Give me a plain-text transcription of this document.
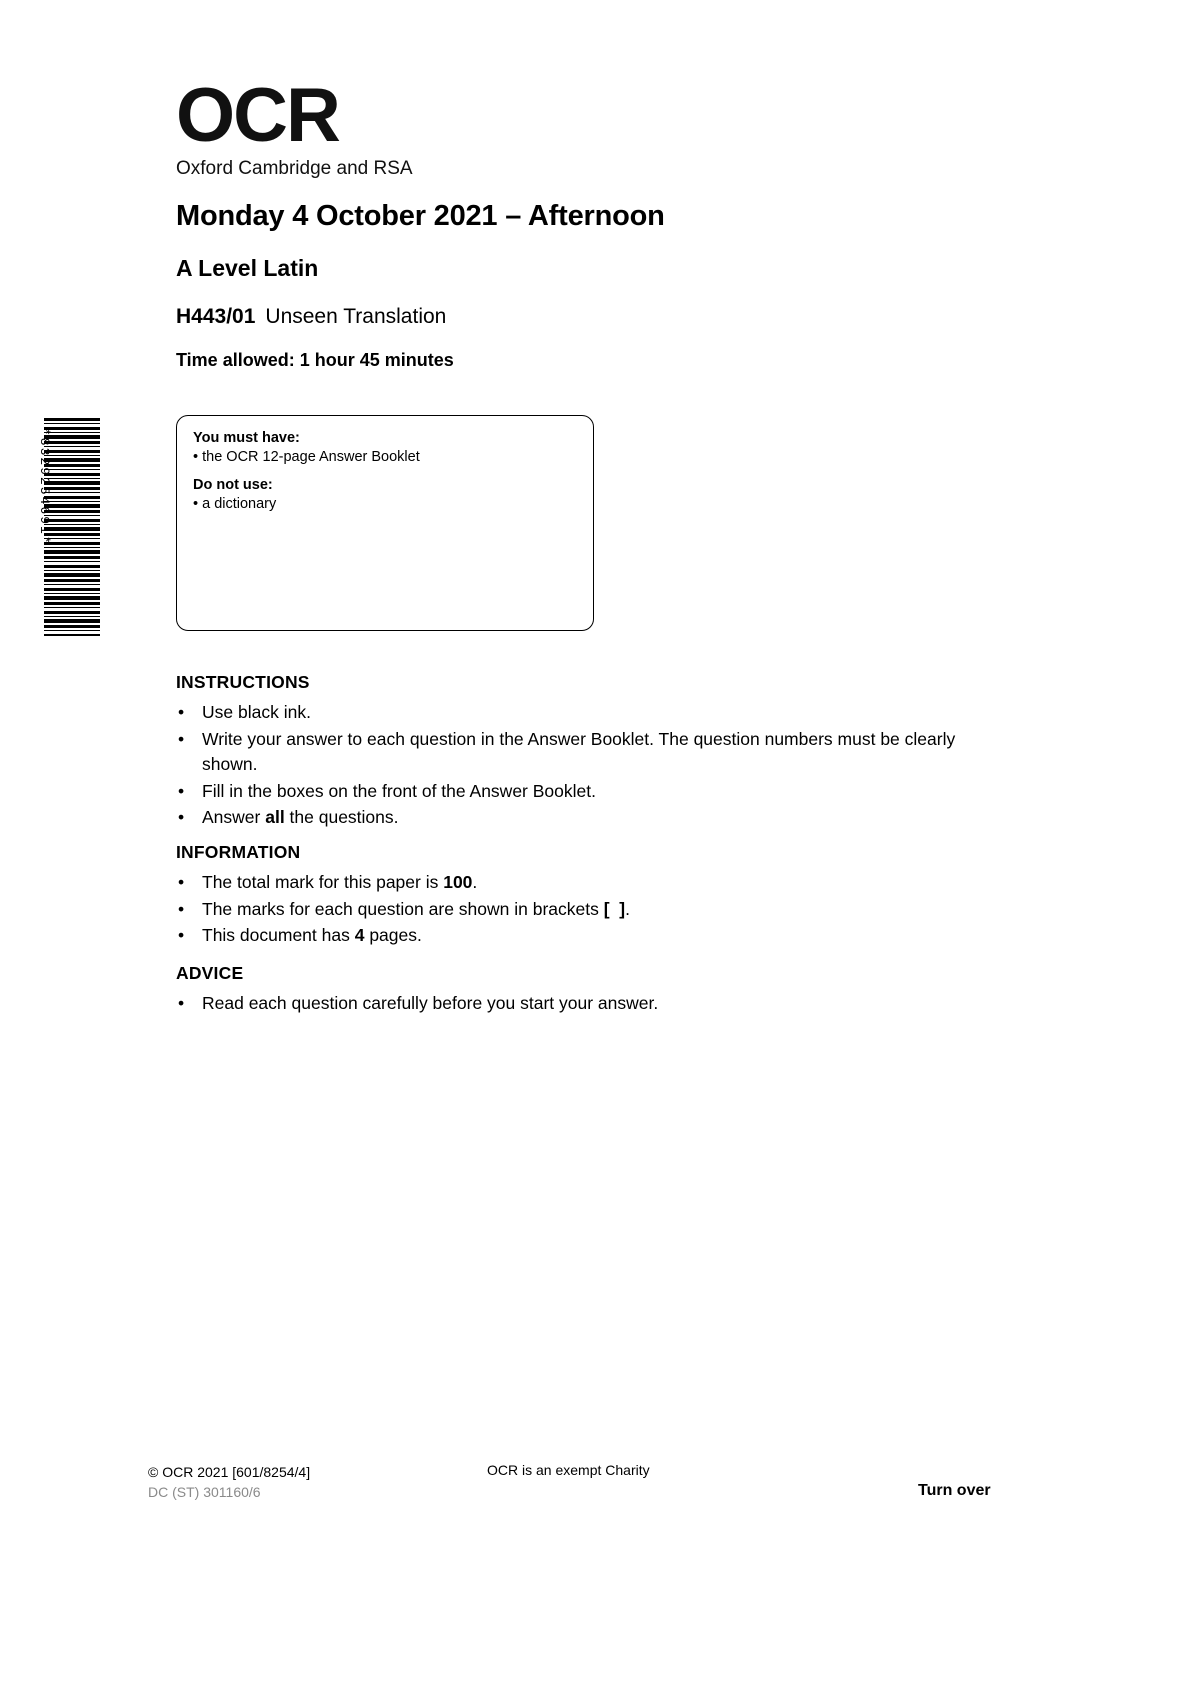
*8329254691*
OCR
Oxford Cambridge and RSA
Monday 4 October 2021 – Afternoon
A Level Latin
H443/01 Unseen Translation
Time allowed: 1 hour 45 minutes
You must have:
• the OCR 12-page Answer Booklet
Do not use:
• a dictionary
INSTRUCTIONS
• Use black ink.
• Write your answer to each question in the Answer Booklet. The question numbers must be clearly shown.
• Fill in the boxes on the front of the Answer Booklet.
• Answer all the questions.
INFORMATION
• The total mark for this paper is 100.
• The marks for each question are shown in brackets [  ].
• This document has 4 pages.
ADVICE
• Read each question carefully before you start your answer.
© OCR 2021 [601/8254/4]
DC (ST) 301160/6
OCR is an exempt Charity
Turn over
